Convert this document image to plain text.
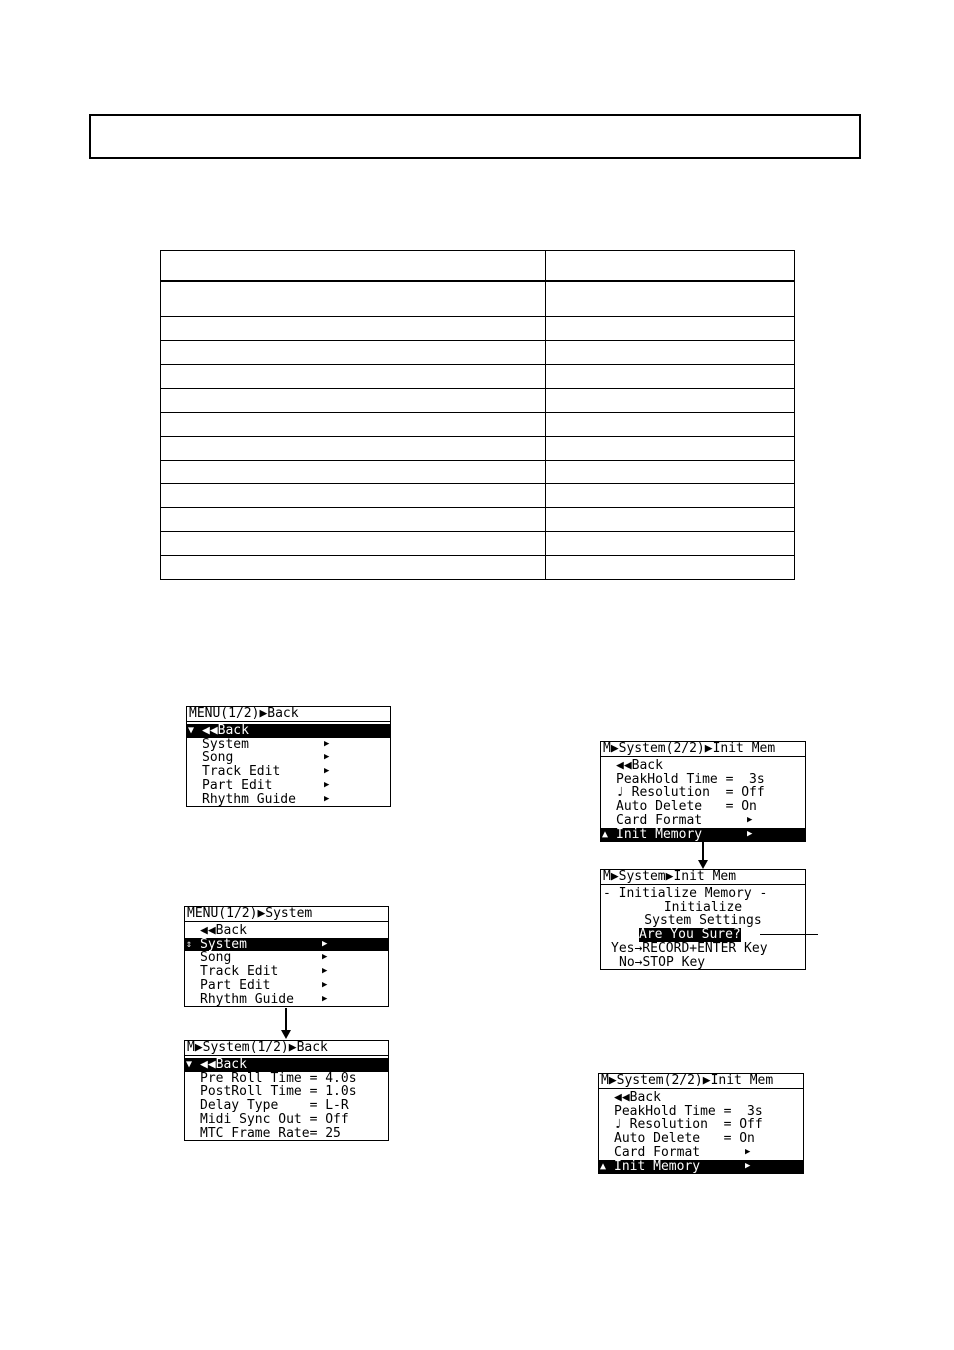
MENU(1/2)▶Back
▼ ◀◀Back
System	▶
Song	▶
Track Edit	▶
Part Edit	▶
Rhythm Guide	▶
MENU(1/2)▶System
◀◀Back
⇕ System	▶
Song	▶
Track Edit	▶
Part Edit	▶
Rhythm Guide	▶
M▶System(1/2)▶Back
▼ ◀◀Back
Pre Roll Time = 4.0s
PostRoll Time = 1.0s
Delay Type    = L-R
Midi Sync Out = Off
MTC Frame Rate= 25
M▶System(2/2)▶Init Mem
◀◀Back
PeakHold Time =  3s
♩ Resolution  = Off
Auto Delete   = On
Card Format	▶
▲ Init Memory	▶
M▶System▶Init Mem
- Initialize Memory -
Initialize
System Settings
Are You Sure?
Yes→RECORD+ENTER Key
No→STOP Key
M▶System(2/2)▶Init Mem
◀◀Back
PeakHold Time =  3s
♩ Resolution  = Off
Auto Delete   = On
Card Format	▶
▲ Init Memory	▶
